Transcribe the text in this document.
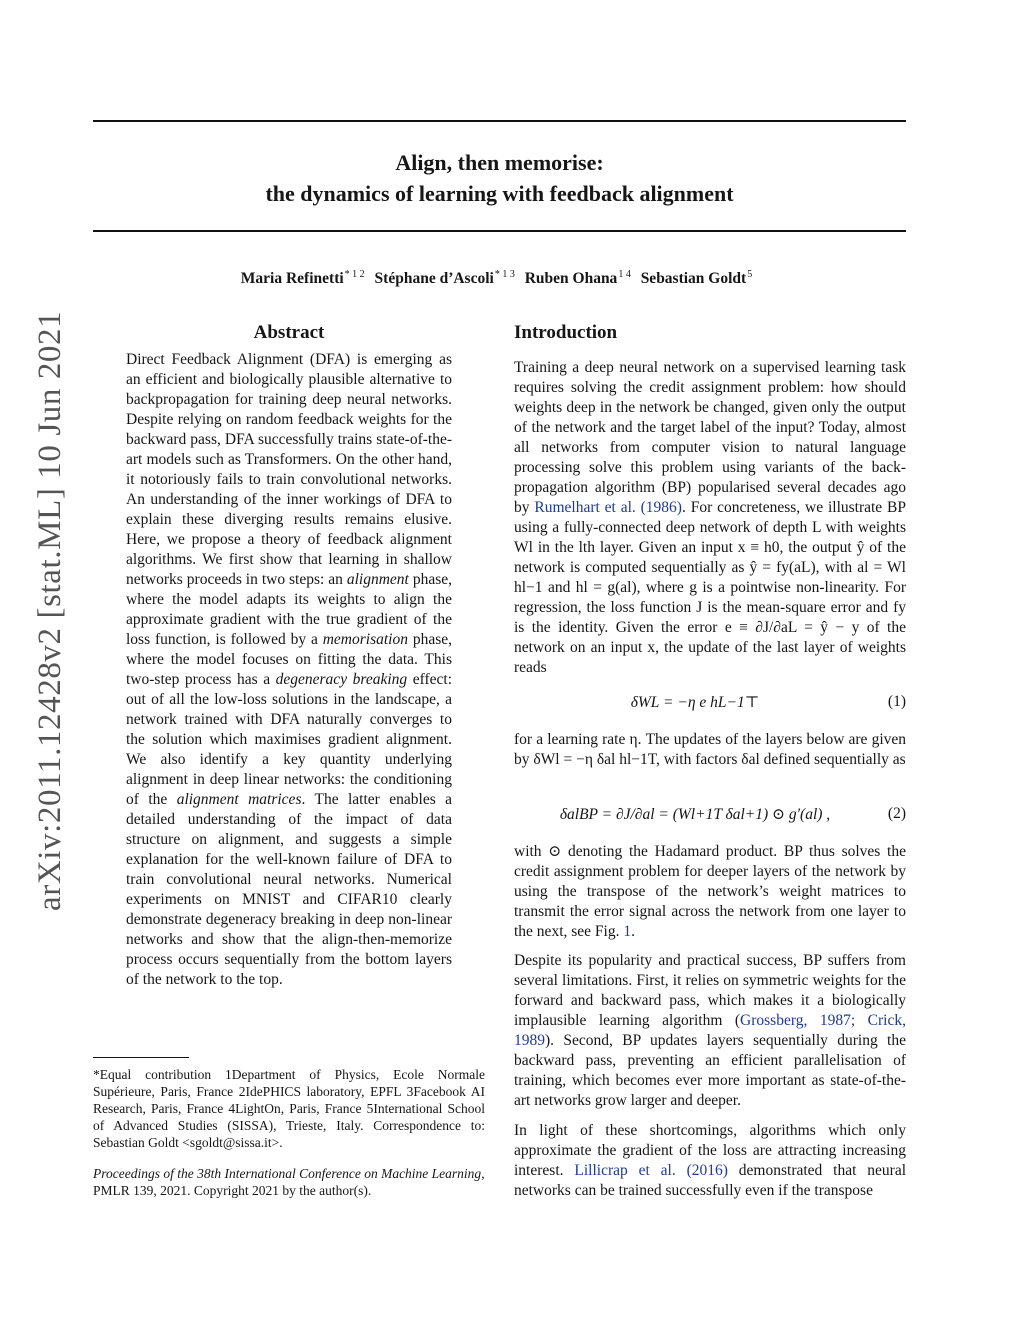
Align, then memorise:
the dynamics of learning with feedback alignment
Maria Refinetti$^{* 1 2}$ Stéphane d’Ascoli$^{* 1 3}$ Ruben Ohana$^{1 4}$ Sebastian Goldt$^5$
arXiv:2011.12428v2 [stat.ML] 10 Jun 2021	Abstract
Direct Feedback Alignment (DFA) is emerging as an efficient and biologically plausible alternative to backpropagation for training deep neural networks. Despite relying on random feedback weights for the backward pass, DFA successfully trains state-of-the-art models such as Transformers. On the other hand, it notoriously fails to train convolutional networks. An understanding of the inner workings of DFA to explain these diverging results remains elusive. Here, we propose a theory of feedback alignment algorithms. We first show that learning in shallow networks proceeds in two steps: an alignment phase, where the model adapts its weights to align the approximate gradient with the true gradient of the loss function, is followed by a memorisation phase, where the model focuses on fitting the data. This two-step process has a degeneracy breaking effect: out of all the low-loss solutions in the landscape, a network trained with DFA naturally converges to the solution which maximises gradient alignment. We also identify a key quantity underlying alignment in deep linear networks: the conditioning of the alignment matrices. The latter enables a detailed understanding of the impact of data structure on alignment, and suggests a simple explanation for the well-known failure of DFA to train convolutional neural networks. Numerical experiments on MNIST and CIFAR10 clearly demonstrate degeneracy breaking in deep non-linear networks and show that the align-then-memorize process occurs sequentially from the bottom layers of the network to the top.
*Equal contribution 1Department of Physics, Ecole Normale Supérieure, Paris, France 2IdePHICS laboratory, EPFL 3Facebook AI Research, Paris, France 4LightOn, Paris, France 5International School of Advanced Studies (SISSA), Trieste, Italy. Correspondence to: Sebastian Goldt <sgoldt@sissa.it>.
Proceedings of the 38th International Conference on Machine Learning, PMLR 139, 2021. Copyright 2021 by the author(s).
Introduction

Training a deep neural network on a supervised learning task requires solving the credit assignment problem: how should weights deep in the network be changed, given only the output of the network and the target label of the input? Today, almost all networks from computer vision to natural language processing solve this problem using variants of the back-propagation algorithm (BP) popularised several decades ago by Rumelhart et al. (1986). For concreteness, we illustrate BP using a fully-connected deep network of depth L with weights Wl in the lth layer. Given an input x ≡ h0, the output ŷ of the network is computed sequentially as ŷ = fy(aL), with al = Wl hl−1 and hl = g(al), where g is a pointwise non-linearity. For regression, the loss function J is the mean-square error and fy is the identity. Given the error e ≡ ∂J/∂aL = ŷ − y of the network on an input x, the update of the last layer of weights reads

δWL = −η e hL−1⊤	(1)

for a learning rate η. The updates of the layers below are given by δWl = −η δal hl−1T, with factors δal defined sequentially as

δalBP = ∂J/∂al = (Wl+1T δal+1) ⊙ g′(al) ,	(2)

with ⊙ denoting the Hadamard product. BP thus solves the credit assignment problem for deeper layers of the network by using the transpose of the network’s weight matrices to transmit the error signal across the network from one layer to the next, see Fig. 1.

Despite its popularity and practical success, BP suffers from several limitations. First, it relies on symmetric weights for the forward and backward pass, which makes it a biologically implausible learning algorithm (Grossberg, 1987; Crick, 1989). Second, BP updates layers sequentially during the backward pass, preventing an efficient parallelisation of training, which becomes ever more important as state-of-the-art networks grow larger and deeper.

In light of these shortcomings, algorithms which only approximate the gradient of the loss are attracting increasing interest. Lillicrap et al. (2016) demonstrated that neural networks can be trained successfully even if the transpose
